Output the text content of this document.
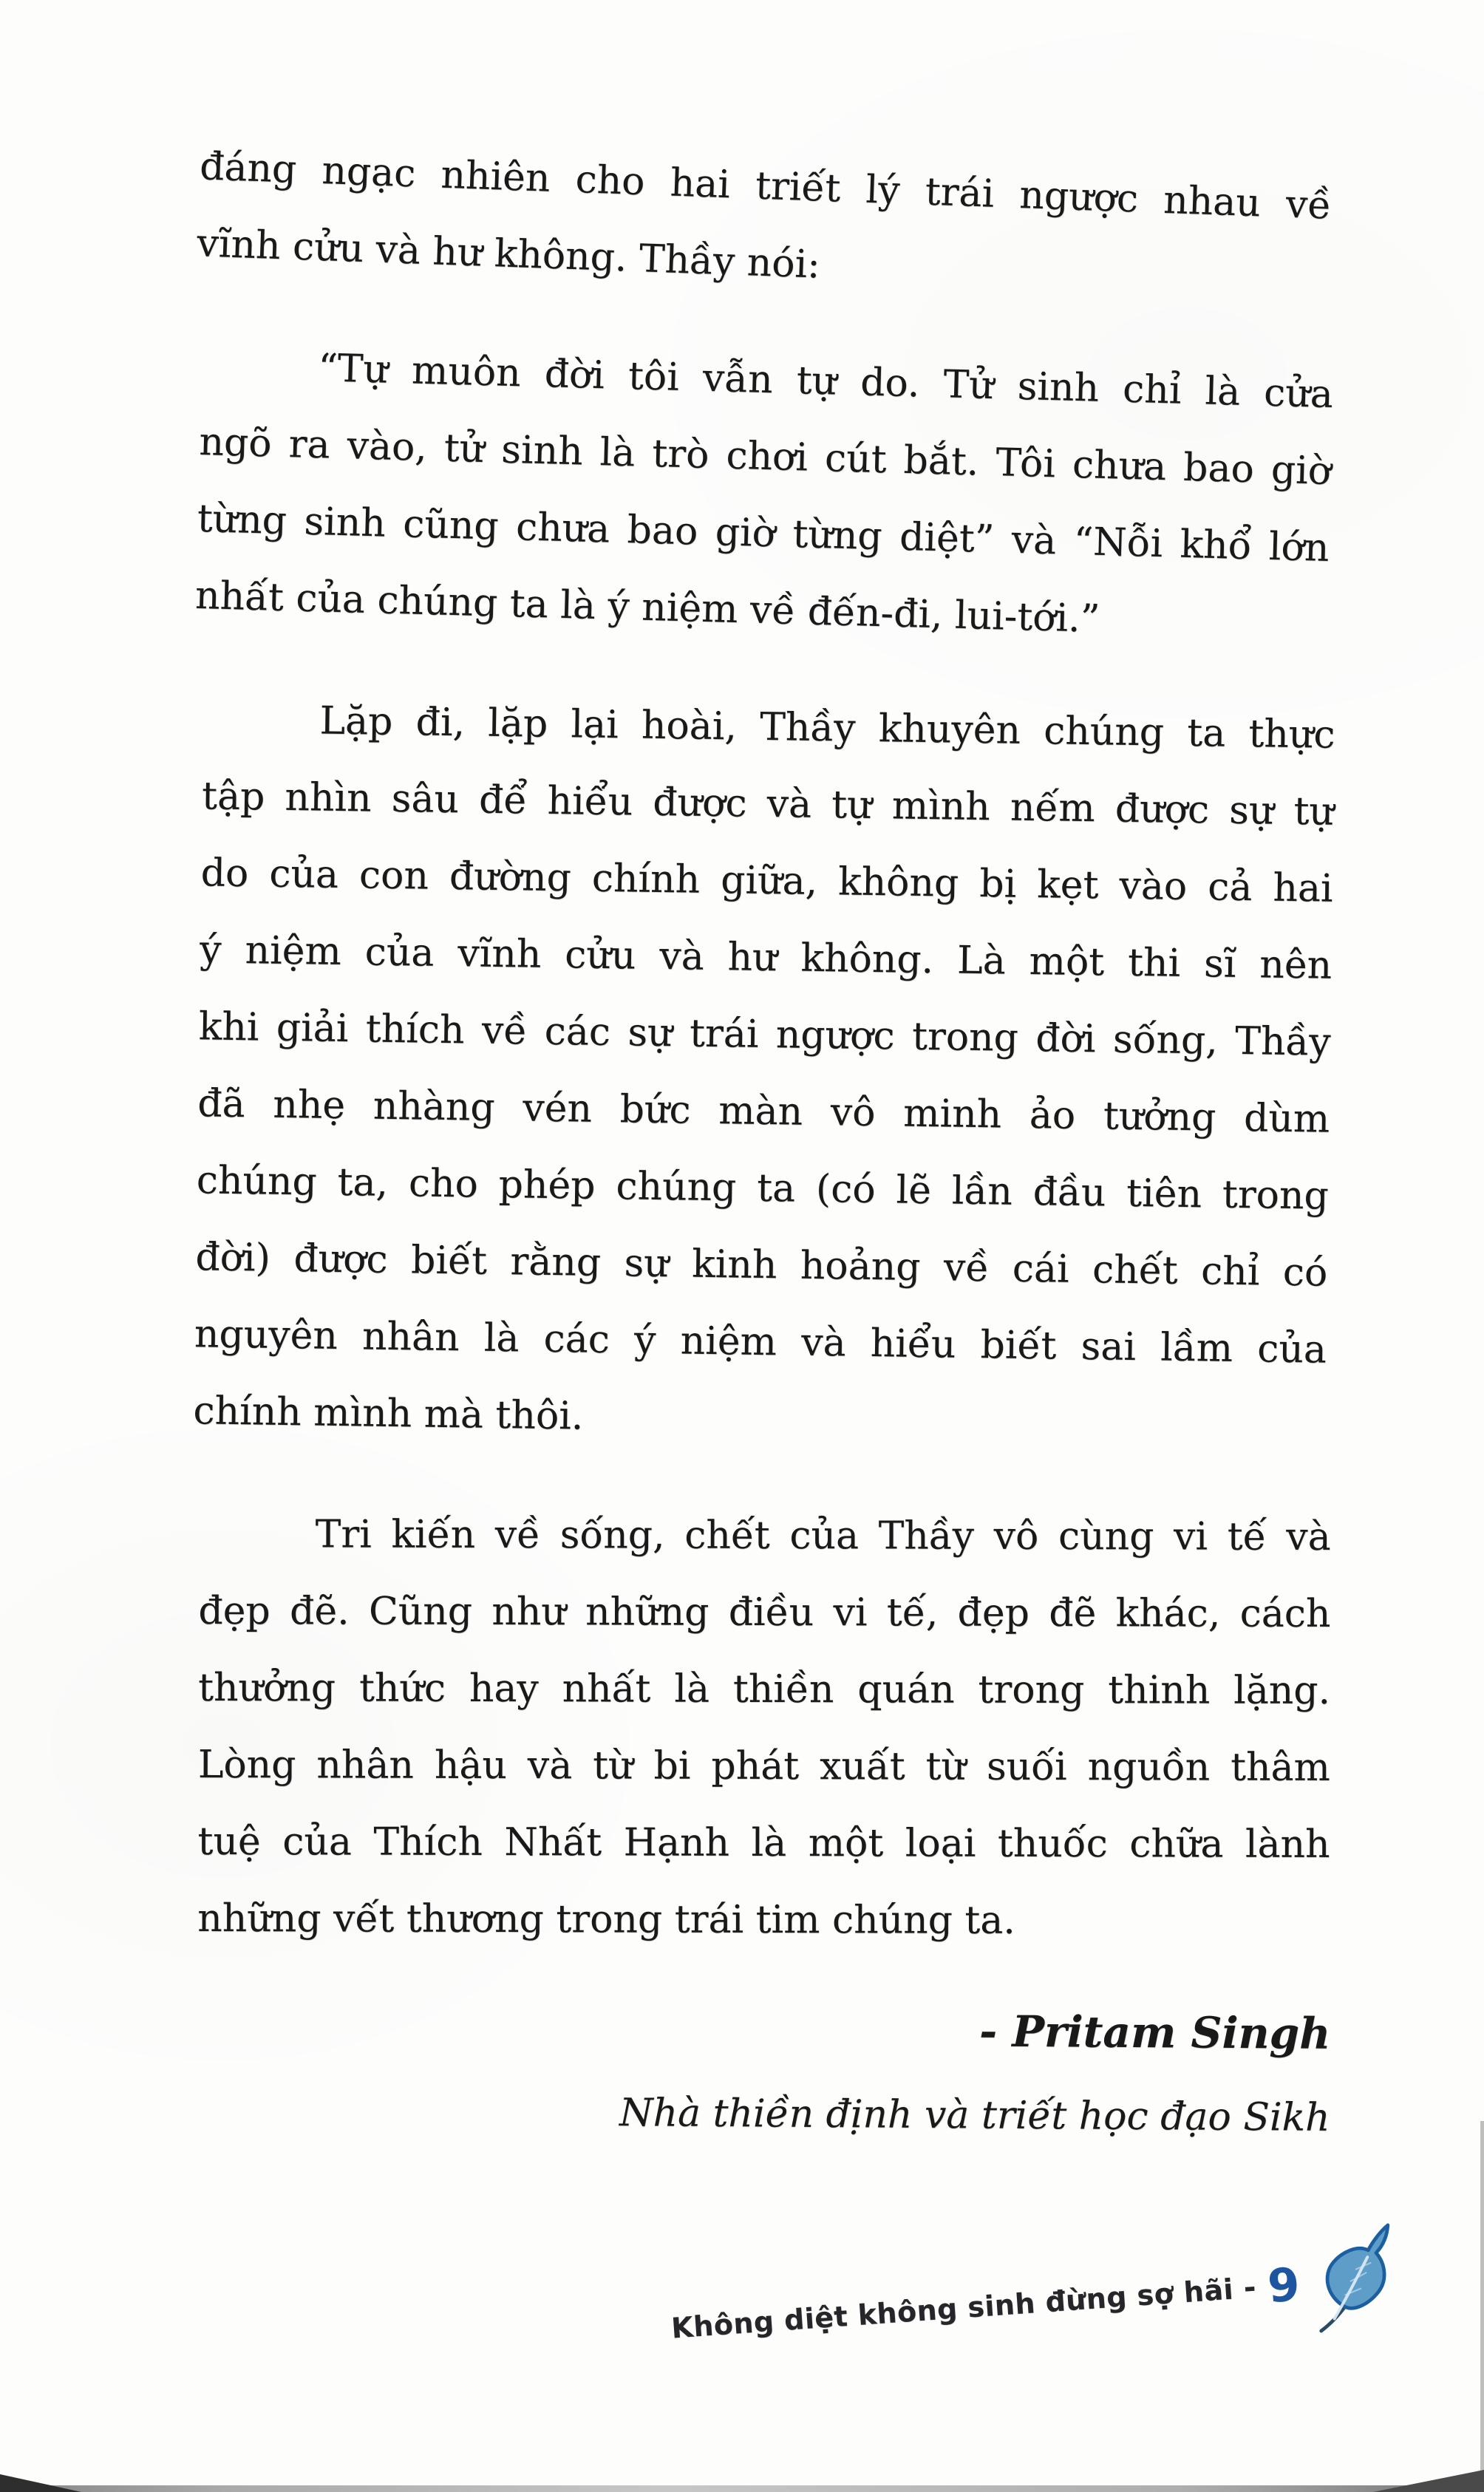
đáng ngạc nhiên cho hai triết lý trái ngược nhau về
vĩnh cửu và hư không. Thầy nói:
“Tự muôn đời tôi vẫn tự do. Tử sinh chỉ là cửa
ngõ ra vào, tử sinh là trò chơi cút bắt. Tôi chưa bao giờ
từng sinh cũng chưa bao giờ từng diệt” và “Nỗi khổ lớn
nhất của chúng ta là ý niệm về đến-đi, lui-tới.”
Lặp đi, lặp lại hoài, Thầy khuyên chúng ta thực
tập nhìn sâu để hiểu được và tự mình nếm được sự tự
do của con đường chính giữa, không bị kẹt vào cả hai
ý niệm của vĩnh cửu và hư không. Là một thi sĩ nên
khi giải thích về các sự trái ngược trong đời sống, Thầy
đã nhẹ nhàng vén bức màn vô minh ảo tưởng dùm
chúng ta, cho phép chúng ta (có lẽ lần đầu tiên trong
đời) được biết rằng sự kinh hoảng về cái chết chỉ có
nguyên nhân là các ý niệm và hiểu biết sai lầm của
chính mình mà thôi.
Tri kiến về sống, chết của Thầy vô cùng vi tế và
đẹp đẽ. Cũng như những điều vi tế, đẹp đẽ khác, cách
thưởng thức hay nhất là thiền quán trong thinh lặng.
Lòng nhân hậu và từ bi phát xuất từ suối nguồn thâm
tuệ của Thích Nhất Hạnh là một loại thuốc chữa lành
những vết thương trong trái tim chúng ta.
- Pritam Singh
Nhà thiền định và triết học đạo Sikh
Không diệt không sinh đừng sợ hãi - 9
